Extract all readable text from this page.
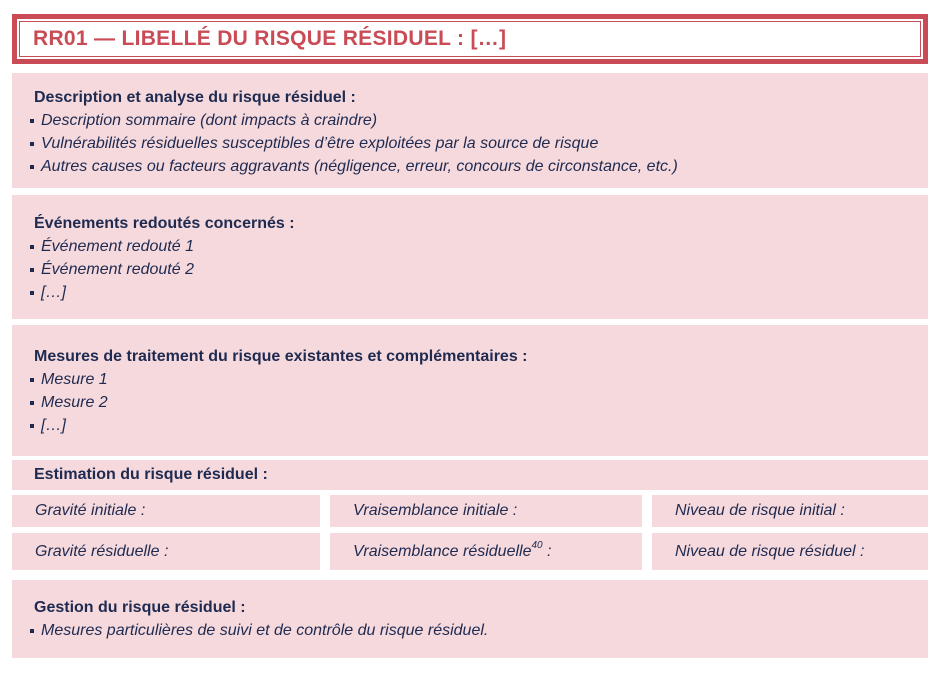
RR01 — LIBELLÉ DU RISQUE RÉSIDUEL : […]
Description et analyse du risque résiduel :
Description sommaire (dont impacts à craindre)
Vulnérabilités résiduelles susceptibles d’être exploitées par la source de risque
Autres causes ou facteurs aggravants (négligence, erreur, concours de circonstance, etc.)
Événements redoutés concernés :
Événement redouté 1
Événement redouté 2
[…]
Mesures de traitement du risque existantes et complémentaires :
Mesure 1
Mesure 2
[…]
Estimation du risque résiduel :
Gravité initiale :	Vraisemblance initiale :	Niveau de risque initial :
Gravité résiduelle :	Vraisemblance résiduelle$^{40}$ :	Niveau de risque résiduel :
Gestion du risque résiduel :
Mesures particulières de suivi et de contrôle du risque résiduel.
